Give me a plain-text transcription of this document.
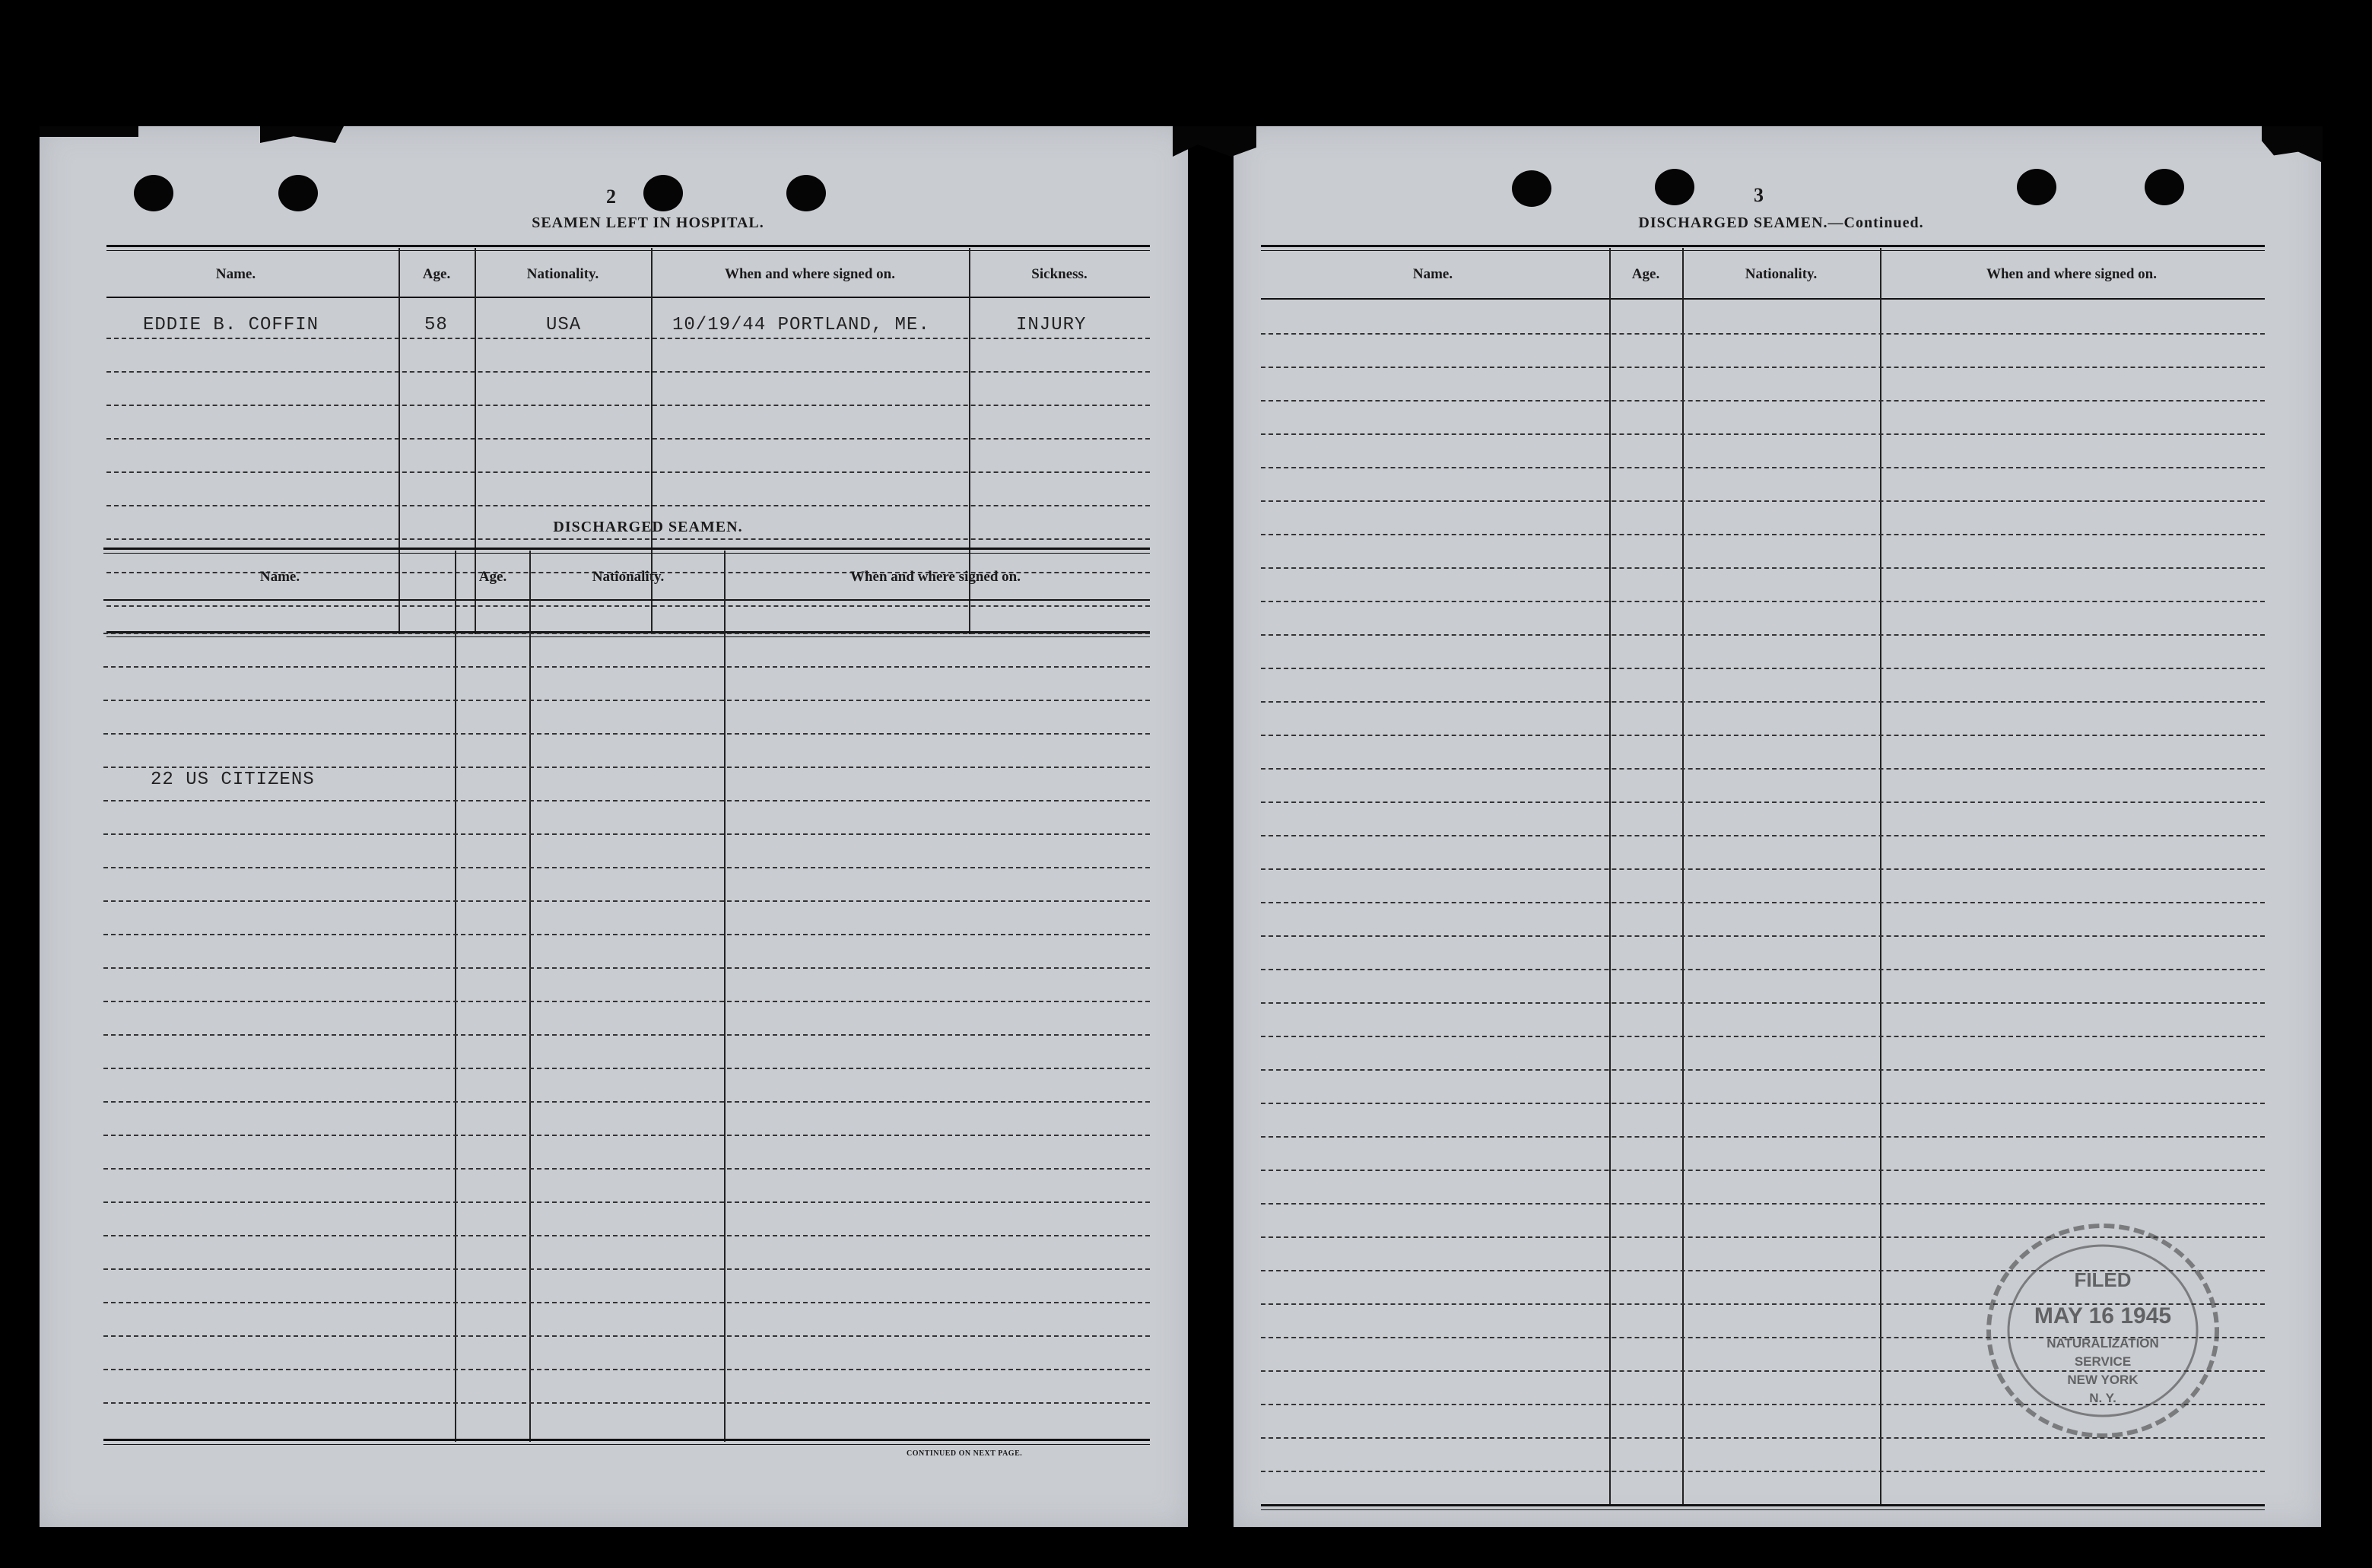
2
SEAMEN LEFT IN HOSPITAL.
Name.	Age.	Nationality.	When and where signed on.	Sickness.
EDDIE B. COFFIN	58	USA	10/19/44 PORTLAND, ME.	INJURY
DISCHARGED SEAMEN.
Name.	Age.	Nationality.	When and where signed on.
22 US CITIZENS
CONTINUED ON NEXT PAGE.
3
DISCHARGED SEAMEN.—Continued.
Name.	Age.	Nationality.	When and where signed on.
FILED
MAY 16 1945
NATURALIZATION
SERVICE
NEW YORK
N. Y.
